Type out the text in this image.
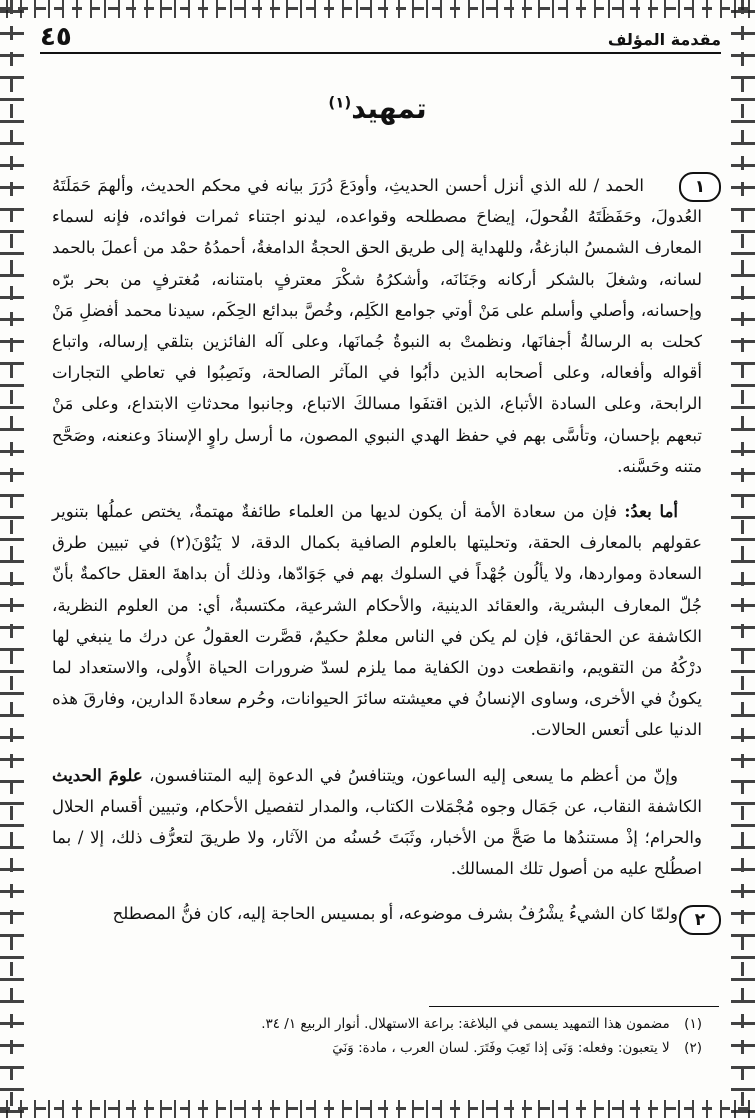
مقدمة المؤلف
٤٥
تمهيد$^{(١)}$
١
٢

الحمد / لله الذي أنزل أحسن الحديثِ، وأودَعَ دُرَرَ بيانه في محكم الحديث، وألهمَ حَمَلَتَهُ العُدولَ، وحَفَظَتَهُ الفُحولَ، إيضاحَ مصطلحه وقواعده، ليدنو اجتناء ثمرات فوائده، فإنه لسماء المعارف الشمسُ البازغةُ، وللهداية إلى طريق الحق الحجةُ الدامغةُ، أحمدُهُ حمْد من أعملَ بالحمد لسانه، وشغلَ بالشكر أركانه وجَنَانَه، وأشكرُهُ شكْرَ معترفٍ بامتنانه، مُغترفٍ من بحر برّه وإحسانه، وأصلي وأسلم على مَنْ أوتي جوامع الكَلِم، وخُصَّ ببدائع الحِكَم، سيدنا محمد أفضلِ مَنْ كحلت به الرسالةُ أجفانَها، ونظمتْ به النبوةُ جُمانَها، وعلى آله الفائزين بتلقي إرساله، واتباع أقواله وأفعاله، وعلى أصحابه الذين دأبُوا في المآثر الصالحة، ونَصِبُوا في تعاطي التجارات الرابحة، وعلى السادة الأتباع، الذين اقتفَوا مسالكَ الاتباع، وجانبوا محدثاتِ الابتداع، وعلى مَنْ تبعهم بإحسان، وتأسَّى بهم في حفظ الهدي النبوي المصون، ما أرسل راوٍ الإسنادَ وعنعنه، وصَحَّح متنه وحَسَّنه.

أما بعدُ: فإن من سعادة الأمة أن يكون لديها من العلماء طائفةٌ مهتمةٌ، يختص عملُها بتنوير عقولهم بالمعارف الحقة، وتحليتها بالعلوم الصافية بكمال الدقة، لا يَنُوْنَ(٢) في تبيين طرق السعادة ومواردها، ولا يألُون جُهْداً في السلوك بهم في جَوَادّها، وذلك أن بداهةَ العقل حاكمةٌ بأنّ جُلّ المعارف البشرية، والعقائد الدينية، والأحكام الشرعية، مكتسبةٌ، أي: من العلوم النظرية، الكاشفة عن الحقائق، فإن لم يكن في الناس معلمٌ حكيمٌ، قصَّرت العقولُ عن درك ما ينبغي لها درْكُهُ من التقويم، وانقطعت دون الكفاية مما يلزم لسدّ ضرورات الحياة الأُولى، والاستعداد لما يكونُ في الأخرى، وساوى الإنسانُ في معيشته سائرَ الحيوانات، وحُرم سعادةَ الدارين، وفارقَ هذه الدنيا على أتعس الحالات.

وإنّ من أعظم ما يسعى إليه الساعون، ويتنافسُ في الدعوة إليه المتنافسون، علومَ الحديث الكاشفة النقاب، عن جَمَال وجوه مُجْمَلات الكتاب، والمدار لتفصيل الأحكام، وتبيين أقسام الحلال والحرام؛ إذْ مستندُها ما صَحَّ من الأخبار، وثَبَتَ حُسنُه من الآثار، ولا طريقَ لتعرُّف ذلك، إلا / بما اصطُلح عليه من أصول تلك المسالك.

ولمّا كان الشيءُ يشْرُفُ بشرف موضوعه، أو بمسيس الحاجة إليه، كان فنُّ المصطلح

(١) مضمون هذا التمهيد يسمى في البلاغة: براعة الاستهلال. أنوار الربيع ١/ ٣٤.
(٢) لا يتعبون: وفعله: وَنَى إذا تَعِبَ وفَتَرَ. لسان العرب ، مادة: وَنَيَ
